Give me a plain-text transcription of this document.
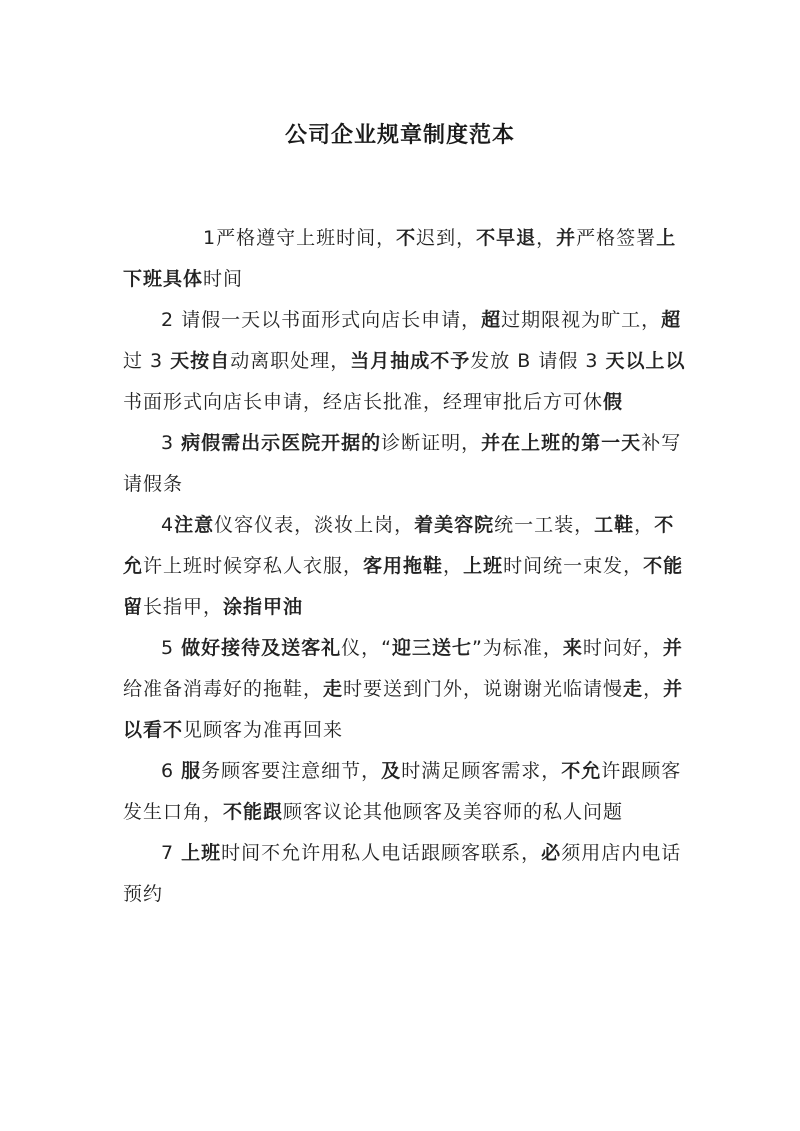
公司企业规章制度范本

1严格遵守上班时间，不迟到，不早退，并严格签署上下班具体时间

2 请假一天以书面形式向店长申请，超过期限视为旷工，超过 3 天按自动离职处理，当月抽成不予发放 B 请假 3 天以上以书面形式向店长申请，经店长批准，经理审批后方可休假

3 病假需出示医院开据的诊断证明，并在上班的第一天补写请假条

4注意仪容仪表，淡妆上岗，着美容院统一工装，工鞋，不允许上班时候穿私人衣服，客用拖鞋，上班时间统一束发，不能留长指甲，涂指甲油

5 做好接待及送客礼仪，“迎三送七”为标准，来时问好，并给准备消毒好的拖鞋，走时要送到门外，说谢谢光临请慢走，并以看不见顾客为准再回来

6 服务顾客要注意细节，及时满足顾客需求，不允许跟顾客发生口角，不能跟顾客议论其他顾客及美容师的私人问题

7 上班时间不允许用私人电话跟顾客联系，必须用店内电话预约
